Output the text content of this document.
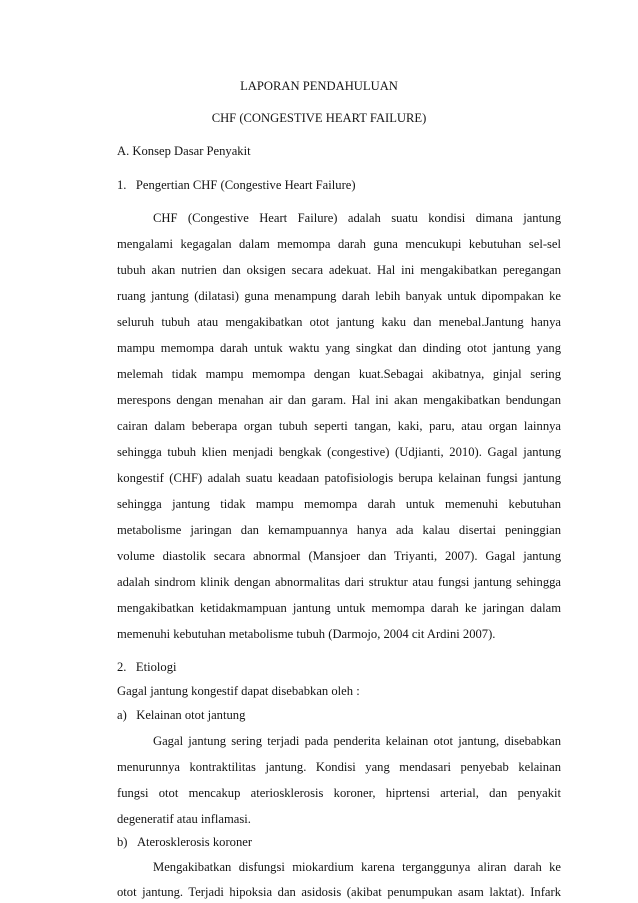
LAPORAN PENDAHULUAN
CHF (CONGESTIVE HEART FAILURE)
A. Konsep Dasar Penyakit
1. Pengertian CHF (Congestive Heart Failure)
CHF (Congestive Heart Failure) adalah suatu kondisi dimana jantung
mengalami kegagalan dalam memompa darah guna mencukupi kebutuhan sel-sel
tubuh akan nutrien dan oksigen secara adekuat. Hal ini mengakibatkan peregangan
ruang jantung (dilatasi) guna menampung darah lebih banyak untuk dipompakan ke
seluruh tubuh atau mengakibatkan otot jantung kaku dan menebal.Jantung hanya
mampu memompa darah untuk waktu yang singkat dan dinding otot jantung yang
melemah tidak mampu memompa dengan kuat.Sebagai akibatnya, ginjal sering
merespons dengan menahan air dan garam. Hal ini akan mengakibatkan bendungan
cairan dalam beberapa organ tubuh seperti tangan, kaki, paru, atau organ lainnya
sehingga tubuh klien menjadi bengkak (congestive) (Udjianti, 2010). Gagal jantung
kongestif (CHF) adalah suatu keadaan patofisiologis berupa kelainan fungsi jantung
sehingga jantung tidak mampu memompa darah untuk memenuhi kebutuhan
metabolisme jaringan dan kemampuannya hanya ada kalau disertai peninggian
volume diastolik secara abnormal (Mansjoer dan Triyanti, 2007). Gagal jantung
adalah sindrom klinik dengan abnormalitas dari struktur atau fungsi jantung sehingga
mengakibatkan ketidakmampuan jantung untuk memompa darah ke jaringan dalam
memenuhi kebutuhan metabolisme tubuh (Darmojo, 2004 cit Ardini 2007).
2. Etiologi
Gagal jantung kongestif dapat disebabkan oleh :
a) Kelainan otot jantung
Gagal jantung sering terjadi pada penderita kelainan otot jantung, disebabkan
menurunnya kontraktilitas jantung. Kondisi yang mendasari penyebab kelainan
fungsi otot mencakup ateriosklerosis koroner, hiprtensi arterial, dan penyakit
degeneratif atau inflamasi.
b) Aterosklerosis koroner
Mengakibatkan disfungsi miokardium karena terganggunya aliran darah ke
otot jantung. Terjadi hipoksia dan asidosis (akibat penumpukan asam laktat). Infark
